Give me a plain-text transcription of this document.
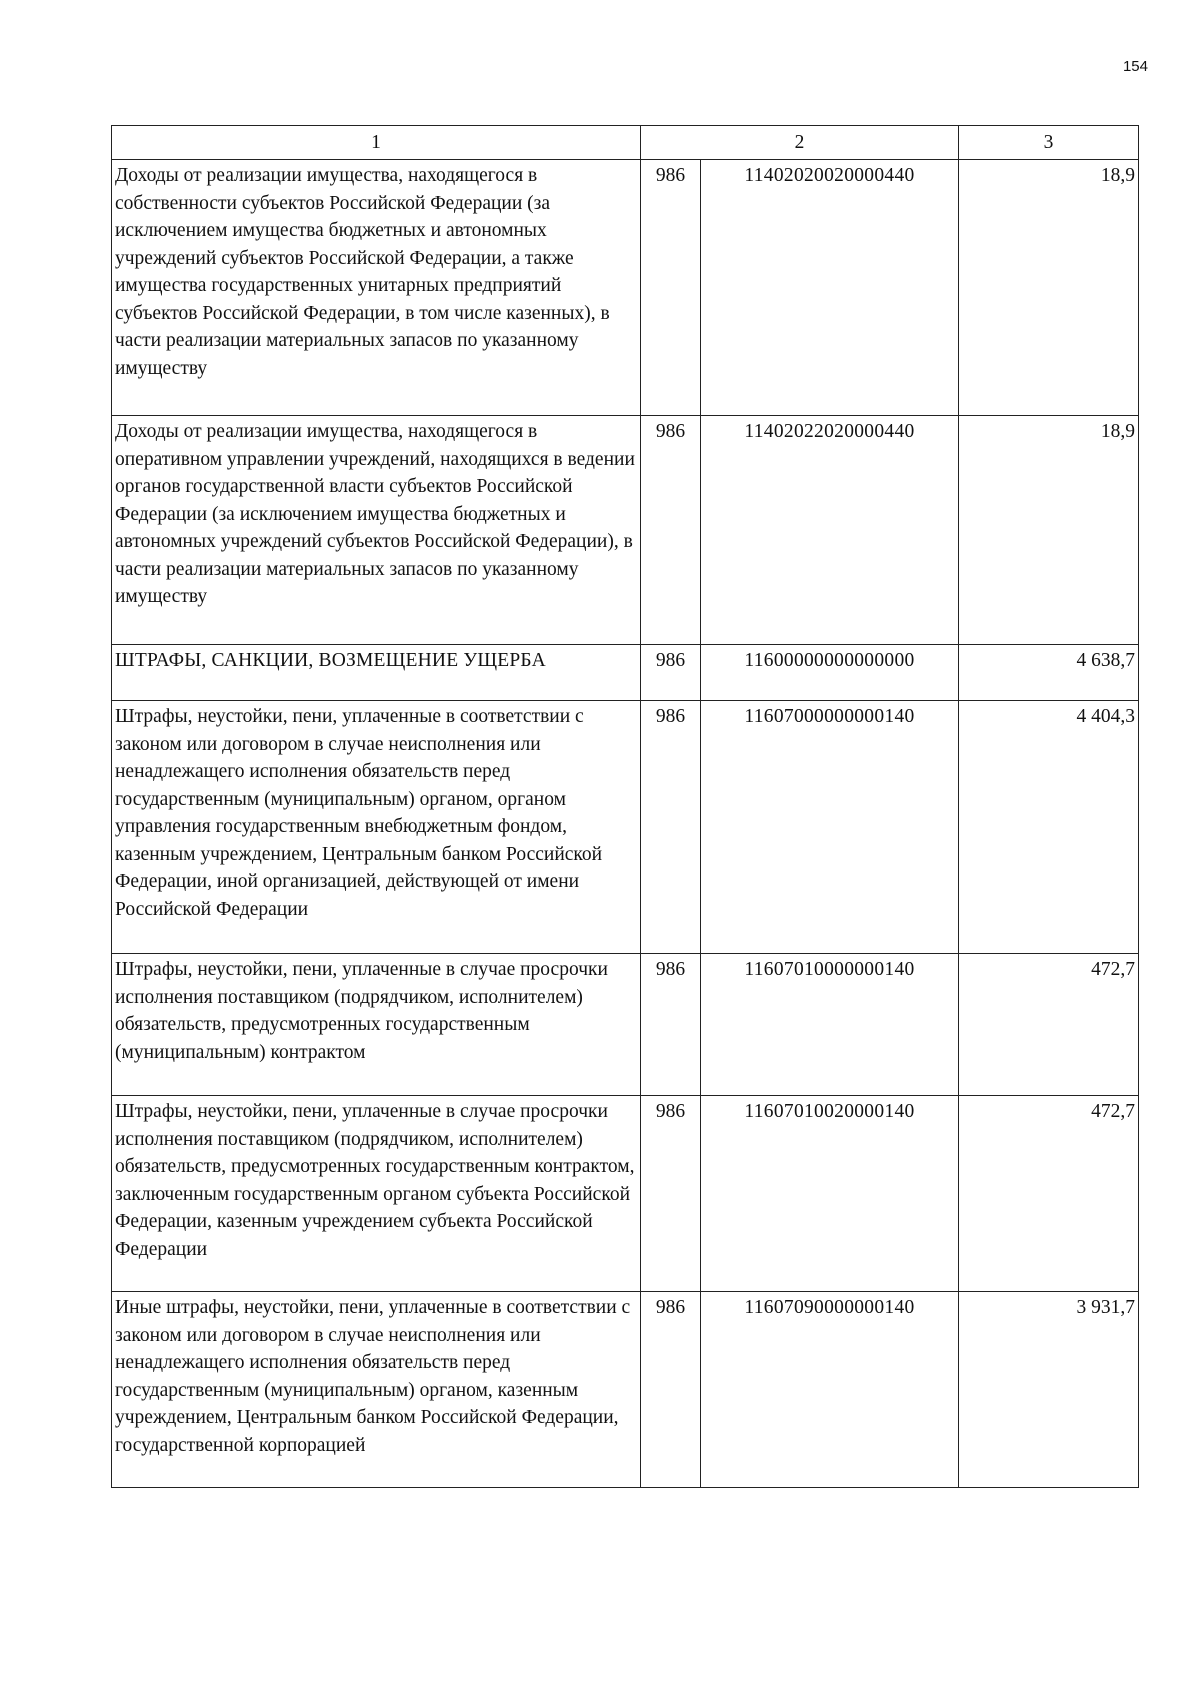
154
1	2		3
Доходы от реализации имущества, находящегося в собственности субъектов Российской Федерации (за исключением имущества бюджетных и автономных учреждений субъектов Российской Федерации, а также имущества государственных унитарных предприятий субъектов Российской Федерации, в том числе казенных), в части реализации материальных запасов по указанному имуществу	986	11402020020000440	18,9
Доходы от реализации имущества, находящегося в оперативном управлении учреждений, находящихся в ведении органов государственной власти субъектов Российской Федерации (за исключением имущества бюджетных и автономных учреждений субъектов Российской Федерации), в части реализации материальных запасов по указанному имуществу	986	11402022020000440	18,9
ШТРАФЫ, САНКЦИИ, ВОЗМЕЩЕНИЕ УЩЕРБА	986	11600000000000000	4 638,7
Штрафы, неустойки, пени, уплаченные в соответствии с законом или договором в случае неисполнения или ненадлежащего исполнения обязательств перед государственным (муниципальным) органом, органом управления государственным внебюджетным фондом, казенным учреждением, Центральным банком Российской Федерации, иной организацией, действующей от имени Российской Федерации	986	11607000000000140	4 404,3
Штрафы, неустойки, пени, уплаченные в случае просрочки исполнения поставщиком (подрядчиком, исполнителем) обязательств, предусмотренных государственным (муниципальным) контрактом	986	11607010000000140	472,7
Штрафы, неустойки, пени, уплаченные в случае просрочки исполнения поставщиком (подрядчиком, исполнителем) обязательств, предусмотренных государственным контрактом, заключенным государственным органом субъекта Российской Федерации, казенным учреждением субъекта Российской Федерации	986	11607010020000140	472,7
Иные штрафы, неустойки, пени, уплаченные в соответствии с законом или договором в случае неисполнения или ненадлежащего исполнения обязательств перед государственным (муниципальным) органом, казенным учреждением, Центральным банком Российской Федерации, государственной корпорацией	986	11607090000000140	3 931,7
